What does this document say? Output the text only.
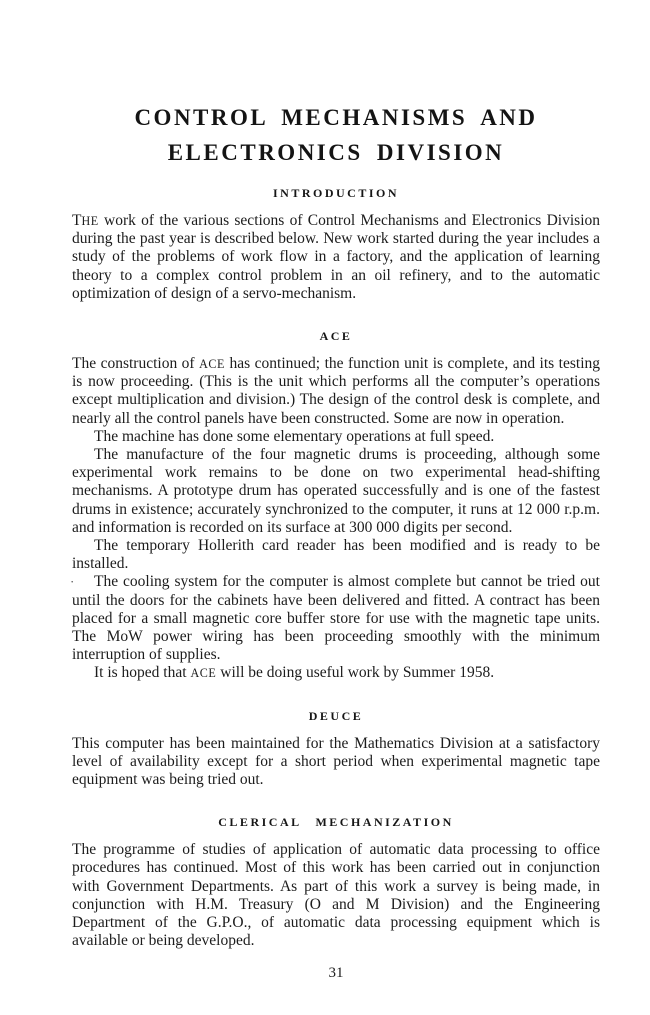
CONTROL MECHANISMS AND
ELECTRONICS DIVISION
INTRODUCTION

THE work of the various sections of Control Mechanisms and Electronics Division during the past year is described below. New work started during the year includes a study of the problems of work flow in a factory, and the application of learning theory to a complex control problem in an oil refinery, and to the automatic optimization of design of a servo-mechanism.

ACE

The construction of ACE has continued; the function unit is complete, and its testing is now proceeding. (This is the unit which performs all the computer’s operations except multiplication and division.) The design of the control desk is complete, and nearly all the control panels have been constructed. Some are now in operation.

The machine has done some elementary operations at full speed.

The manufacture of the four magnetic drums is proceeding, although some experimental work remains to be done on two experimental head-shifting mechanisms. A prototype drum has operated successfully and is one of the fastest drums in existence; accurately synchronized to the computer, it runs at 12 000 r.p.m. and information is recorded on its surface at 300 000 digits per second.

The temporary Hollerith card reader has been modified and is ready to be installed.

· The cooling system for the computer is almost complete but cannot be tried out until the doors for the cabinets have been delivered and fitted. A contract has been placed for a small magnetic core buffer store for use with the magnetic tape units. The MoW power wiring has been proceeding smoothly with the minimum interruption of supplies.

It is hoped that ACE will be doing useful work by Summer 1958.

DEUCE

This computer has been maintained for the Mathematics Division at a satisfactory level of availability except for a short period when experimental magnetic tape equipment was being tried out.

CLERICAL MECHANIZATION

The programme of studies of application of automatic data processing to office procedures has continued. Most of this work has been carried out in conjunction with Government Departments. As part of this work a survey is being made, in conjunction with H.M. Treasury (O and M Division) and the Engineering Department of the G.P.O., of automatic data processing equipment which is available or being developed.

31
